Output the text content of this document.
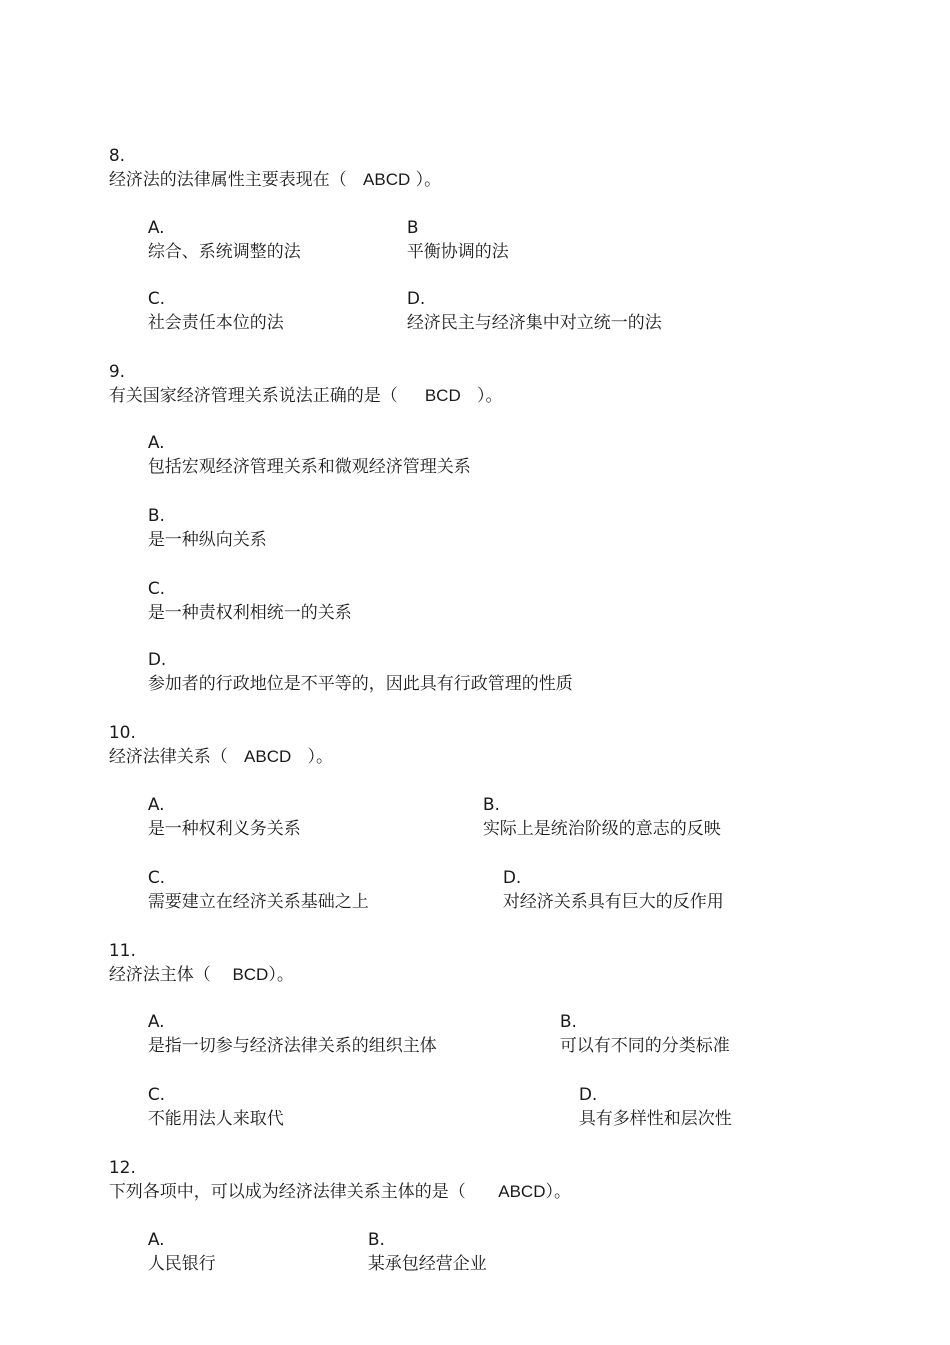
8.
经济法的法律属性主要表现在（ ABCD ）。

A.
综合、系统调整的法

B
平衡协调的法

C.
社会责任本位的法

D.
经济民主与经济集中对立统一的法

9.
有关国家经济管理关系说法正确的是（ BCD ）。

A.
包括宏观经济管理关系和微观经济管理关系

B.
是一种纵向关系

C.
是一种责权利相统一的关系

D.
参加者的行政地位是不平等的，因此具有行政管理的性质

10.
经济法律关系（ ABCD ）。

A.
是一种权利义务关系

B.
实际上是统治阶级的意志的反映

C.
需要建立在经济关系基础之上

D.
对经济关系具有巨大的反作用

11.
经济法主体（ BCD）。

A.
是指一切参与经济法律关系的组织主体

B.
可以有不同的分类标准

C.
不能用法人来取代

D.
具有多样性和层次性

12.
下列各项中，可以成为经济法律关系主体的是（ ABCD）。

A.
人民银行

B.
某承包经营企业
